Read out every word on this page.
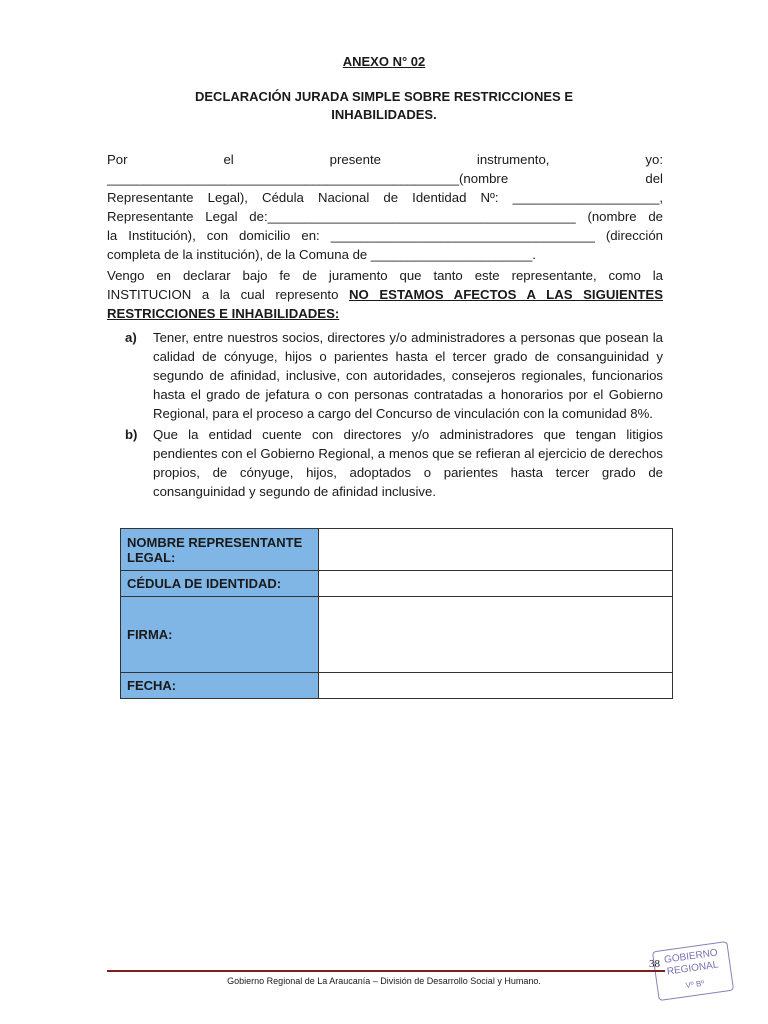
ANEXO N° 02
DECLARACIÓN JURADA SIMPLE SOBRE RESTRICCIONES E INHABILIDADES.
Por el presente instrumento, yo:
________________________________________________(nombre del
Representante Legal), Cédula Nacional de Identidad Nº: ____________________,
Representante Legal de:__________________________________________ (nombre de
la Institución), con domicilio en: ____________________________________ (dirección
completa de la institución), de la Comuna de ______________________.
Vengo en declarar bajo fe de juramento que tanto este representante, como la
INSTITUCION a la cual represento NO ESTAMOS AFECTOS A LAS SIGUIENTES
RESTRICCIONES E INHABILIDADES:
a) Tener, entre nuestros socios, directores y/o administradores a personas que posean la calidad de cónyuge, hijos o parientes hasta el tercer grado de consanguinidad y segundo de afinidad, inclusive, con autoridades, consejeros regionales, funcionarios hasta el grado de jefatura o con personas contratadas a honorarios por el Gobierno Regional, para el proceso a cargo del Concurso de vinculación con la comunidad 8%.
b) Que la entidad cuente con directores y/o administradores que tengan litigios pendientes con el Gobierno Regional, a menos que se refieran al ejercicio de derechos propios, de cónyuge, hijos, adoptados o parientes hasta tercer grado de consanguinidad y segundo de afinidad inclusive.
NOMBRE REPRESENTANTE LEGAL:	
CÉDULA DE IDENTIDAD:	
FIRMA:	
FECHA:	
38 GOBIERNO REGIONAL
Vº Bº
Gobierno Regional de La Araucanía – División de Desarrollo Social y Humano.
